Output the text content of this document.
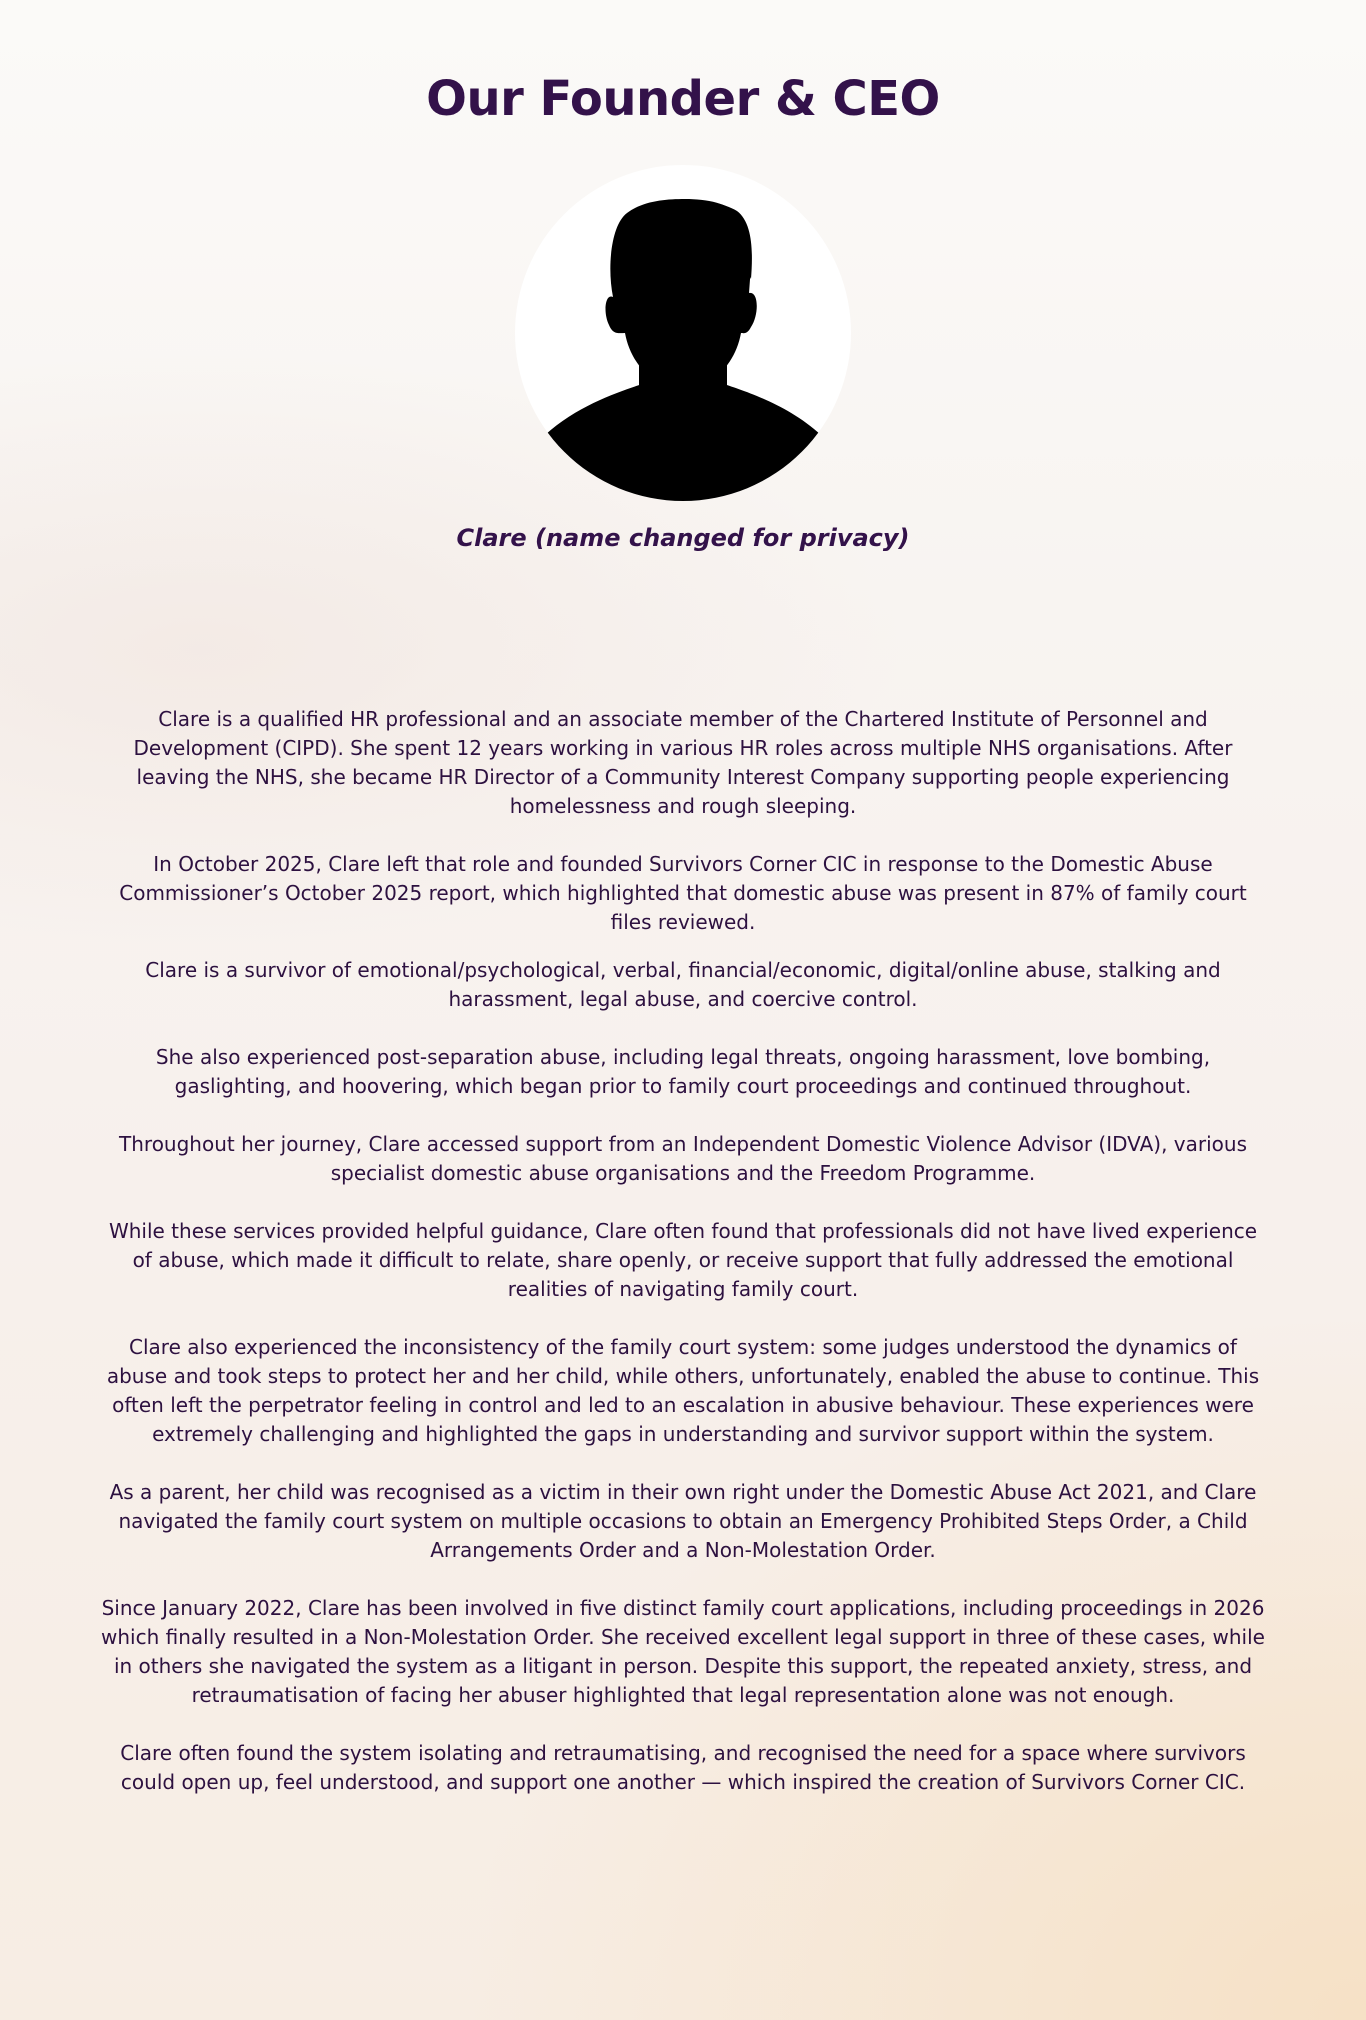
Our Founder & CEO

Clare (name changed for privacy)

Clare is a qualified HR professional and an associate member of the Chartered Institute of Personnel and Development (CIPD). She spent 12 years working in various HR roles across multiple NHS organisations. After leaving the NHS, she became HR Director of a Community Interest Company supporting people experiencing homelessness and rough sleeping.

In October 2025, Clare left that role and founded Survivors Corner CIC in response to the Domestic Abuse Commissioner’s October 2025 report, which highlighted that domestic abuse was present in 87% of family court files reviewed.

Clare is a survivor of emotional/psychological, verbal, financial/economic, digital/online abuse, stalking and harassment, legal abuse, and coercive control.

She also experienced post-separation abuse, including legal threats, ongoing harassment, love bombing, gaslighting, and hoovering, which began prior to family court proceedings and continued throughout.

Throughout her journey, Clare accessed support from an Independent Domestic Violence Advisor (IDVA), various specialist domestic abuse organisations and the Freedom Programme.

While these services provided helpful guidance, Clare often found that professionals did not have lived experience of abuse, which made it difficult to relate, share openly, or receive support that fully addressed the emotional realities of navigating family court.

Clare also experienced the inconsistency of the family court system: some judges understood the dynamics of abuse and took steps to protect her and her child, while others, unfortunately, enabled the abuse to continue. This often left the perpetrator feeling in control and led to an escalation in abusive behaviour. These experiences were extremely challenging and highlighted the gaps in understanding and survivor support within the system.

As a parent, her child was recognised as a victim in their own right under the Domestic Abuse Act 2021, and Clare navigated the family court system on multiple occasions to obtain an Emergency Prohibited Steps Order, a Child Arrangements Order and a Non-Molestation Order.

Since January 2022, Clare has been involved in five distinct family court applications, including proceedings in 2026 which finally resulted in a Non-Molestation Order. She received excellent legal support in three of these cases, while in others she navigated the system as a litigant in person. Despite this support, the repeated anxiety, stress, and retraumatisation of facing her abuser highlighted that legal representation alone was not enough.

Clare often found the system isolating and retraumatising, and recognised the need for a space where survivors could open up, feel understood, and support one another — which inspired the creation of Survivors Corner CIC.
